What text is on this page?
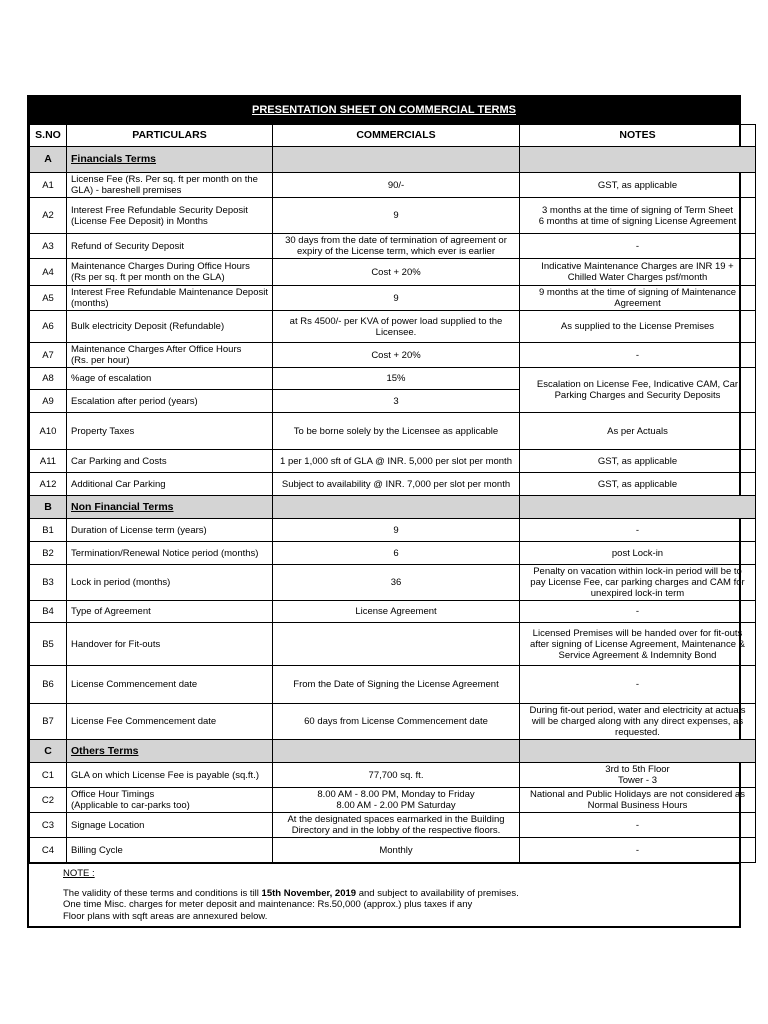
PRESENTATION SHEET ON COMMERCIAL TERMS
S.NO	PARTICULARS	COMMERCIALS	NOTES
A	Financials Terms		
A1	License Fee (Rs. Per sq. ft per month on the
GLA) - bareshell premises	90/-	GST, as applicable
A2	Interest Free Refundable Security Deposit
(License Fee Deposit) in Months	9	3 months at the time of signing of Term Sheet
6 months at time of signing License Agreement
A3	Refund of Security Deposit	30 days from the date of termination of agreement or
expiry of the License term, which ever is earlier	-
A4	Maintenance Charges During Office Hours
(Rs per sq. ft per month on the GLA)	Cost + 20%	Indicative Maintenance Charges are INR 19 +
Chilled Water Charges psf/month
A5	Interest Free Refundable Maintenance Deposit
(months)	9	9 months at the time of signing of Maintenance
Agreement
A6	Bulk electricity Deposit (Refundable)	at Rs 4500/- per KVA of power load supplied to the
Licensee.	As supplied to the License Premises
A7	Maintenance Charges After Office Hours
(Rs. per hour)	Cost + 20%	-
A8	%age of escalation	15%	Escalation on License Fee, Indicative CAM, Car
Parking Charges and Security Deposits
A9	Escalation after period (years)	3	
A10	Property Taxes	To be borne solely by the Licensee as applicable	As per Actuals
A11	Car Parking and Costs	1 per 1,000 sft of GLA @ INR. 5,000 per slot per month	GST, as applicable
A12	Additional Car Parking	Subject to availability @ INR. 7,000 per slot per month	GST, as applicable
B	Non Financial Terms		
B1	Duration of License term (years)	9	-
B2	Termination/Renewal Notice period (months)	6	post Lock-in
B3	Lock in period (months)	36	Penalty on vacation within lock-in period will be to
pay License Fee, car parking charges and CAM for
unexpired lock-in term
B4	Type of Agreement	License Agreement	-
B5	Handover for Fit-outs		Licensed Premises will be handed over for fit-outs
after signing of License Agreement, Maintenance &
Service Agreement & Indemnity Bond
B6	License Commencement date	From the Date of Signing the License Agreement	-
B7	License Fee Commencement date	60 days from License Commencement date	During fit-out period, water and electricity at actuals
will be charged along with any direct expenses, as
requested.
C	Others Terms		
C1	GLA on which License Fee is payable (sq.ft.)	77,700 sq. ft.	3rd to 5th Floor
Tower - 3
C2	Office Hour Timings
(Applicable to car-parks too)	8.00 AM - 8.00 PM, Monday to Friday
8.00 AM - 2.00 PM Saturday	National and Public Holidays are not considered as
Normal Business Hours
C3	Signage Location	At the designated spaces earmarked in the Building
Directory and in the lobby of the respective floors.	-
C4	Billing Cycle	Monthly	-
NOTE :
The validity of these terms and conditions is till 15th November, 2019 and subject to availability of premises.
One time Misc. charges for meter deposit and maintenance: Rs.50,000 (approx.) plus taxes if any
Floor plans with sqft areas are annexured below.
